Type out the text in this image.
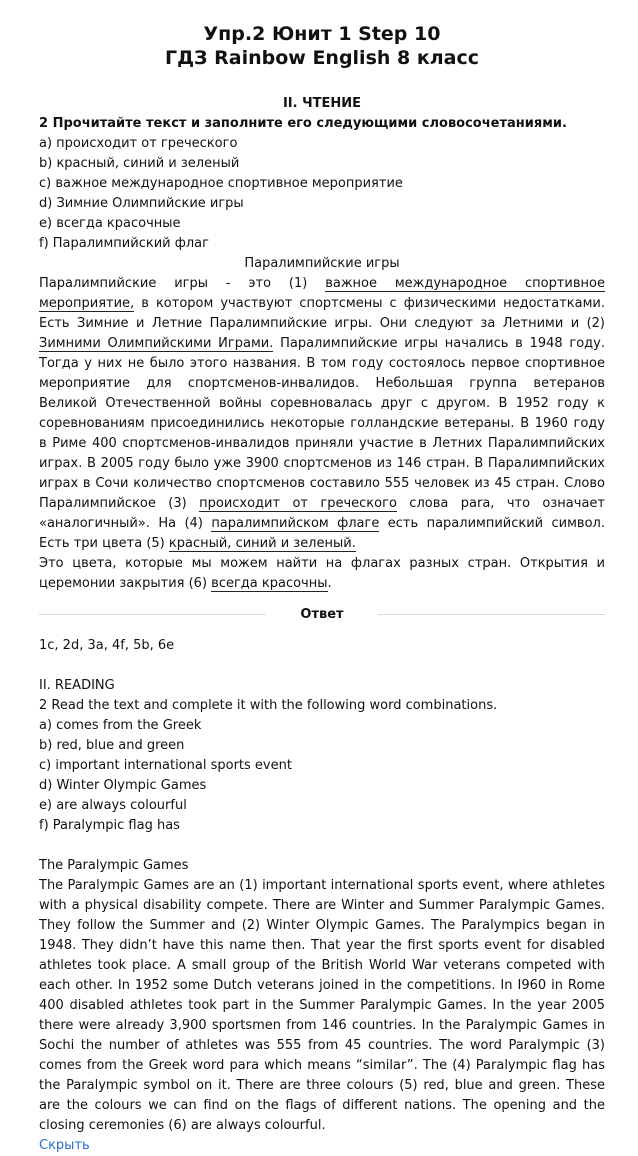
Упр.2 Юнит 1 Step 10
ГДЗ Rainbow English 8 класс
II. ЧТЕНИЕ
2 Прочитайте текст и заполните его следующими словосочетаниями.
a) происходит от греческого
b) красный, синий и зеленый
c) важное международное спортивное мероприятие
d) Зимние Олимпийские игры
e) всегда красочные
f) Паралимпийский флаг
Паралимпийские игры

Паралимпийские игры - это (1) важное международное спортивное мероприятие, в котором участвуют спортсмены с физическими недостатками. Есть Зимние и Летние Паралимпийские игры. Они следуют за Летними и (2) Зимними Олимпийскими Играми. Паралимпийские игры начались в 1948 году. Тогда у них не было этого названия. В том году состоялось первое спортивное мероприятие для спортсменов-инвалидов. Небольшая группа ветеранов Великой Отечественной войны соревновалась друг с другом. В 1952 году к соревнованиям присоединились некоторые голландские ветераны. В 1960 году в Риме 400 спортсменов-инвалидов приняли участие в Летних Паралимпийских играх. В 2005 году было уже 3900 спортсменов из 146 стран. В Паралимпийских играх в Сочи количество спортсменов составило 555 человек из 45 стран. Слово Паралимпийское (3) происходит от греческого слова para, что означает «аналогичный». На (4) паралимпийском флаге есть паралимпийский символ. Есть три цвета (5) красный, синий и зеленый.

Это цвета, которые мы можем найти на флагах разных стран. Открытия и церемонии закрытия (6) всегда красочны.

Ответ
1c, 2d, 3a, 4f, 5b, 6e
II. READING
2 Read the text and complete it with the following word combinations.
a) comes from the Greek
b) red, blue and green
c) important international sports event
d) Winter Olympic Games
e) are always colourful
f) Paralympic flag has
The Paralympic Games

The Paralympic Games are an (1) important international sports event, where athletes with a physical disability compete. There are Winter and Summer Paralympic Games. They follow the Summer and (2) Winter Olympic Games. The Paralympics began in 1948. They didn’t have this name then. That year the first sports event for disabled athletes took place. A small group of the British World War veterans competed with each other. In 1952 some Dutch veterans joined in the competitions. In I960 in Rome 400 disabled athletes took part in the Summer Paralympic Games. In the year 2005 there were already 3,900 sportsmen from 146 countries. In the Paralympic Games in Sochi the number of athletes was 555 from 45 countries. The word Paralympic (3) comes from the Greek word para which means “similar”. The (4) Paralympic flag has the Paralympic symbol on it. There are three colours (5) red, blue and green. These are the colours we can find on the flags of different nations. The opening and the closing ceremonies (6) are always colourful.

Скрыть
